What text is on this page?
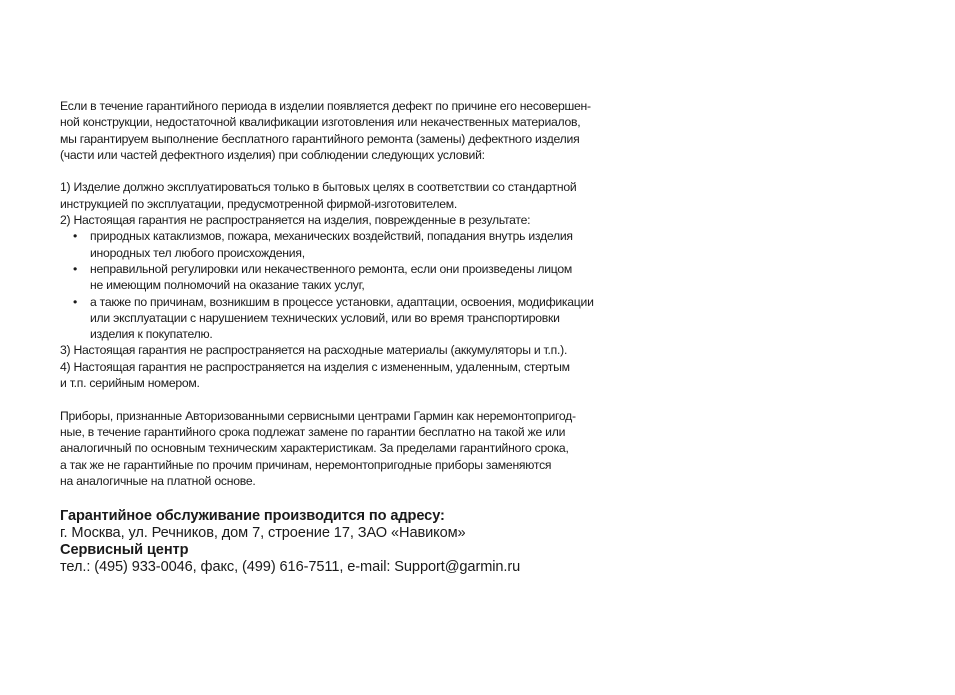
Если в течение гарантийного периода в изделии появляется дефект по причине его несовершен-
ной конструкции, недостаточной квалификации изготовления или некачественных материалов,
мы гарантируем выполнение бесплатного гарантийного ремонта (замены) дефектного изделия
(части или частей дефектного изделия) при соблюдении следующих условий:
1) Изделие должно эксплуатироваться только в бытовых целях в соответствии со стандартной
инструкцией по эксплуатации, предусмотренной фирмой-изготовителем.
2) Настоящая гарантия не распространяется на изделия, поврежденные в результате:
• природных катаклизмов, пожара, механических воздействий, попадания внутрь изделия
инородных тел любого происхождения,
• неправильной регулировки или некачественного ремонта, если они произведены лицом
не имеющим полномочий на оказание таких услуг,
• а также по причинам, возникшим в процессе установки, адаптации, освоения, модификации
или эксплуатации с нарушением технических условий, или во время транспортировки
изделия к покупателю.
3) Настоящая гарантия не распространяется на расходные материалы (аккумуляторы и т.п.).
4) Настоящая гарантия не распространяется на изделия с измененным, удаленным, стертым
и т.п. серийным номером.
Приборы, признанные Авторизованными сервисными центрами Гармин как неремонтопригод-
ные, в течение гарантийного срока подлежат замене по гарантии бесплатно на такой же или
аналогичный по основным техническим характеристикам. За пределами гарантийного срока,
а так же не гарантийные по прочим причинам, неремонтопригодные приборы заменяются
на аналогичные на платной основе.
Гарантийное обслуживание производится по адресу:
г. Москва, ул. Речников, дом 7, строение 17, ЗАО «Навиком»
Сервисный центр
тел.: (495) 933-0046, факс, (499) 616-7511, e-mail: Support@garmin.ru
